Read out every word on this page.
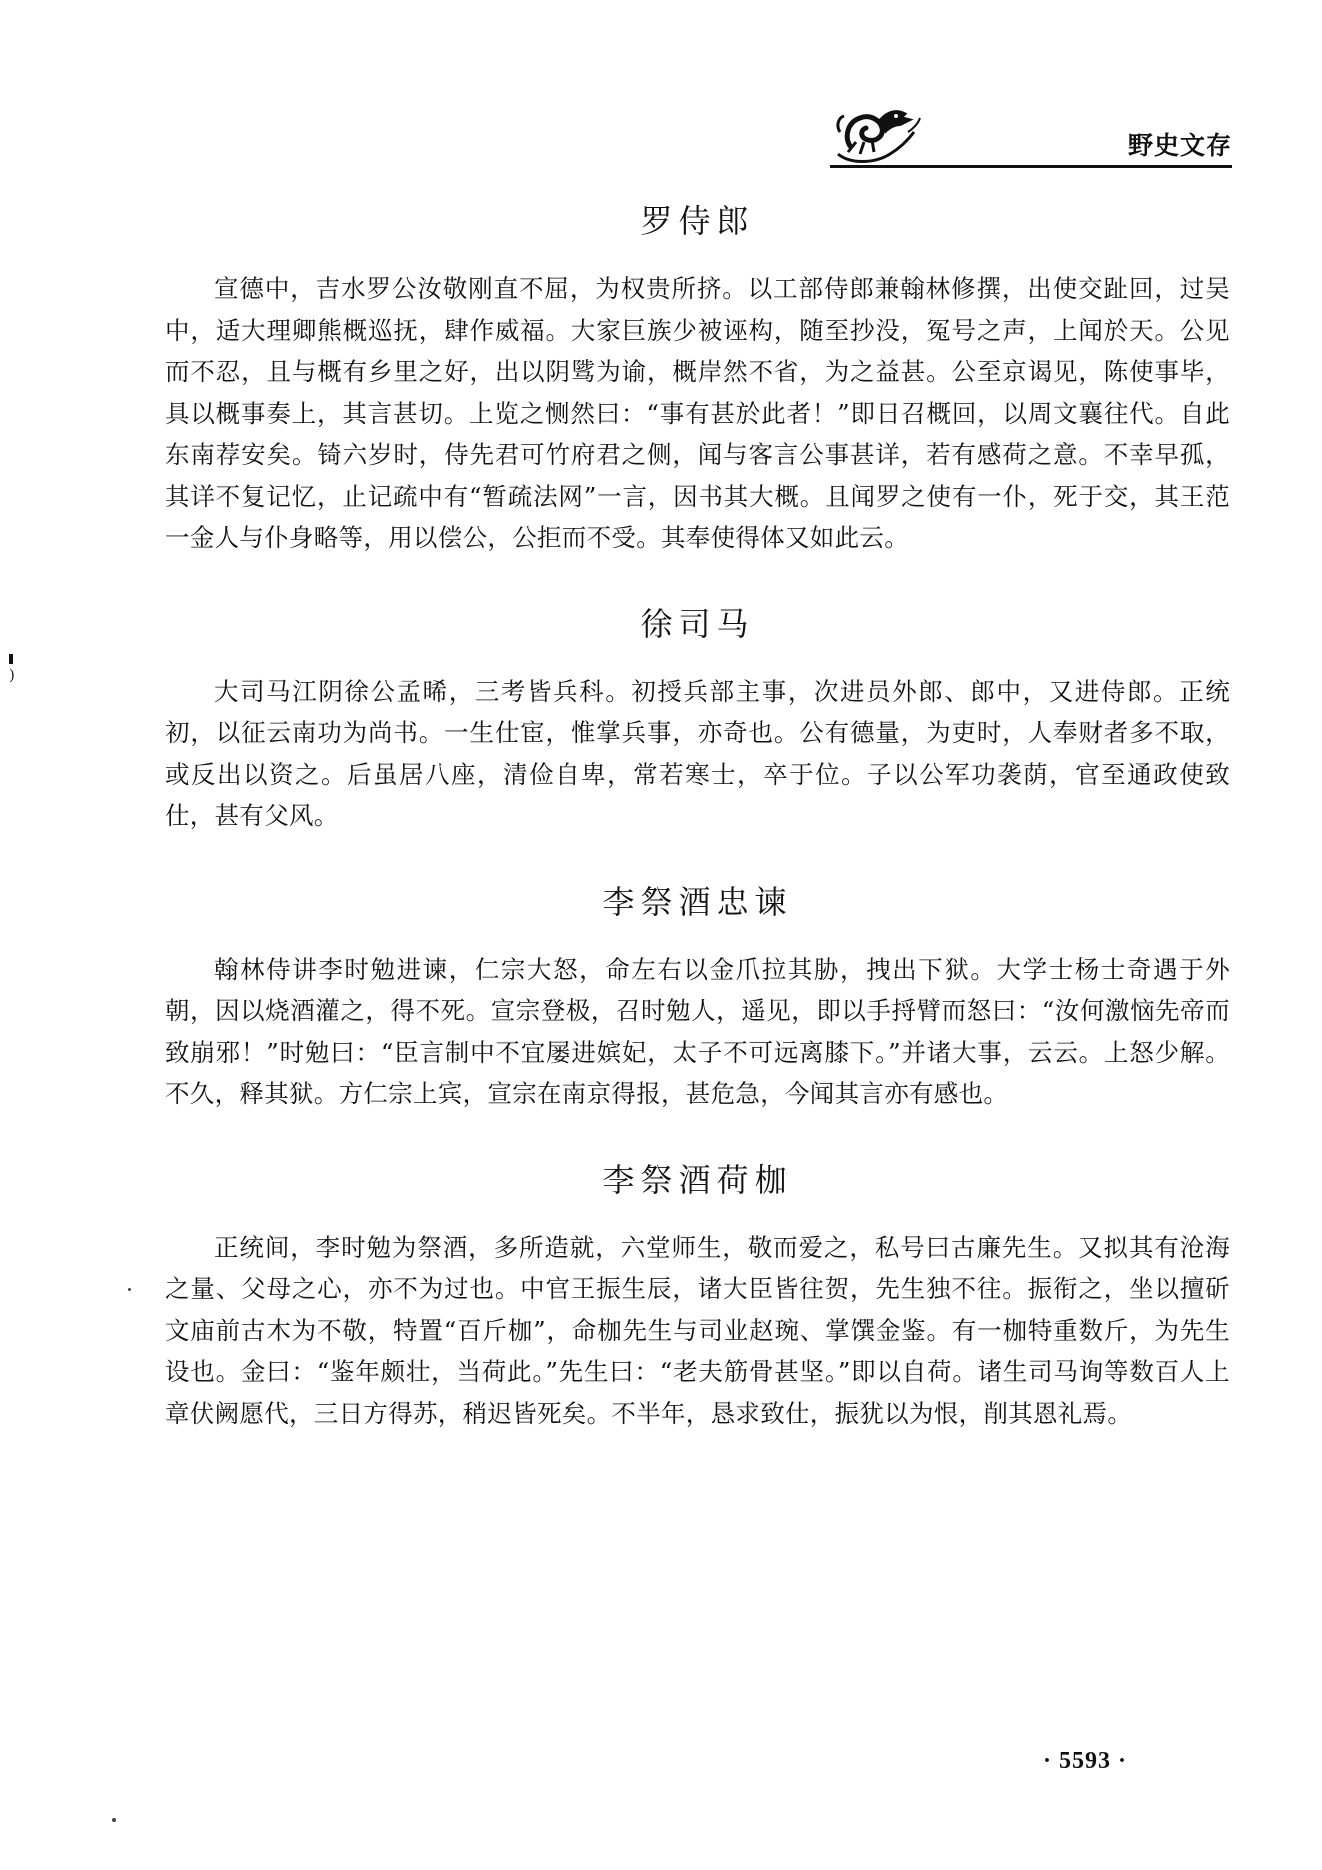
野史文存
)
罗侍郎

宣德中，吉水罗公汝敬刚直不屈，为权贵所挤。以工部侍郎兼翰林修撰，出使交趾回，过吴中，适大理卿熊概巡抚，肆作威福。大家巨族少被诬构，随至抄没，冤号之声，上闻於天。公见而不忍，且与概有乡里之好，出以阴骘为谕，概岸然不省，为之益甚。公至京谒见，陈使事毕，具以概事奏上，其言甚切。上览之恻然曰：“事有甚於此者！”即日召概回，以周文襄往代。自此东南荐安矣。锜六岁时，侍先君可竹府君之侧，闻与客言公事甚详，若有感荷之意。不幸早孤，其详不复记忆，止记疏中有“暂疏法网”一言，因书其大概。且闻罗之使有一仆，死于交，其王范一金人与仆身略等，用以偿公，公拒而不受。其奉使得体又如此云。

徐司马

大司马江阴徐公孟晞，三考皆兵科。初授兵部主事，次进员外郎、郎中，又进侍郎。正统初，以征云南功为尚书。一生仕宦，惟掌兵事，亦奇也。公有德量，为吏时，人奉财者多不取，或反出以资之。后虽居八座，清俭自卑，常若寒士，卒于位。子以公军功袭荫，官至通政使致仕，甚有父风。

李祭酒忠谏

翰林侍讲李时勉进谏，仁宗大怒，命左右以金爪拉其胁，拽出下狱。大学士杨士奇遇于外朝，因以烧酒灌之，得不死。宣宗登极，召时勉人，遥见，即以手捋臂而怒曰：“汝何激恼先帝而致崩邪！”时勉曰：“臣言制中不宜屡进嫔妃，太子不可远离膝下。”并诸大事，云云。上怒少解。不久，释其狱。方仁宗上宾，宣宗在南京得报，甚危急，今闻其言亦有感也。

李祭酒荷枷

正统间，李时勉为祭酒，多所造就，六堂师生，敬而爱之，私号曰古廉先生。又拟其有沧海之量、父母之心，亦不为过也。中官王振生辰，诸大臣皆往贺，先生独不往。振衔之，坐以擅斫文庙前古木为不敬，特置“百斤枷”，命枷先生与司业赵琬、掌馔金鉴。有一枷特重数斤，为先生设也。金曰：“鉴年颇壮，当荷此。”先生曰：“老夫筋骨甚坚。”即以自荷。诸生司马询等数百人上章伏阙愿代，三日方得苏，稍迟皆死矣。不半年，恳求致仕，振犹以为恨，削其恩礼焉。

· 5593 ·
